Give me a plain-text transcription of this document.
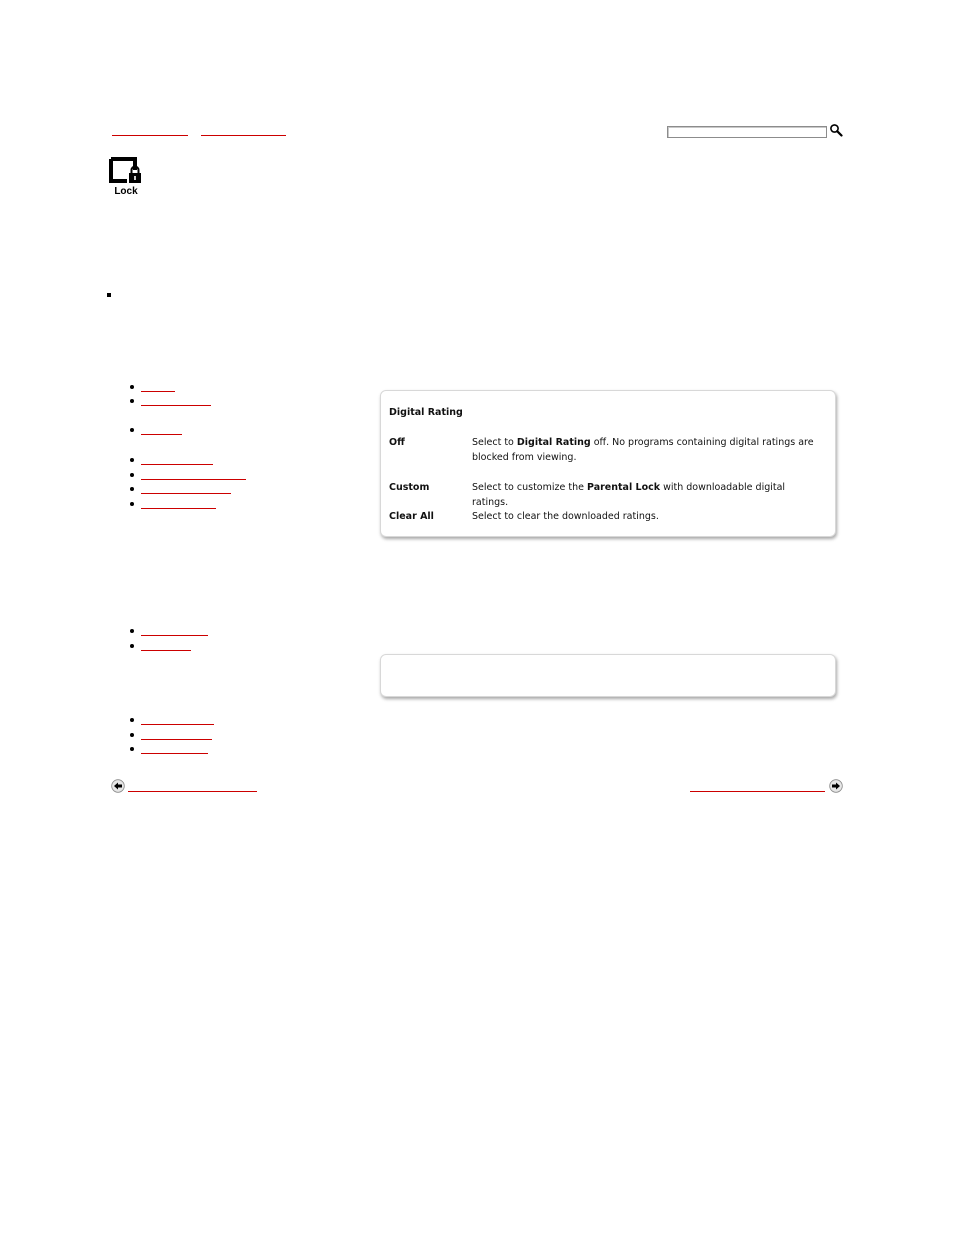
Lock
Digital Rating
Off	Select to Digital Rating off. No programs containing digital ratings are blocked from viewing.
Custom	Select to customize the Parental Lock with downloadable digital ratings.
Clear All	Select to clear the downloaded ratings.
